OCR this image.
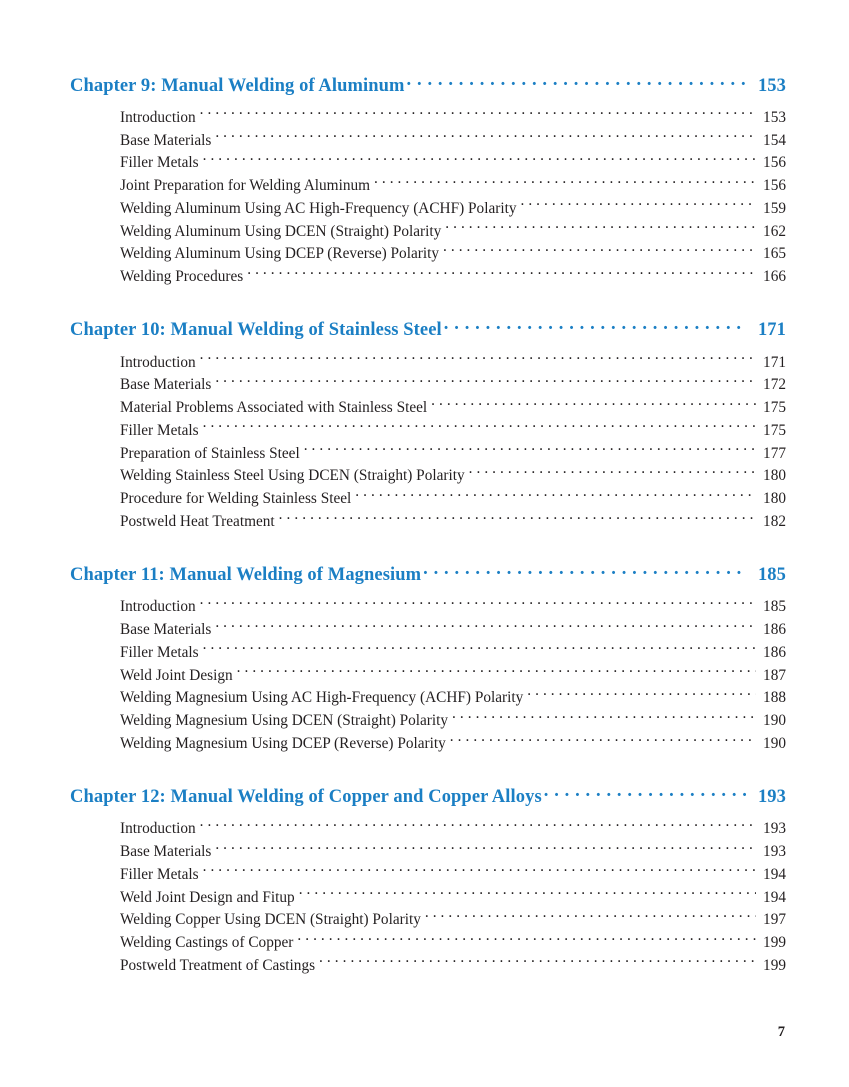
Chapter 9: Manual Welding of Aluminum . . .	153
Introduction . . .	153
Base Materials . . .	154
Filler Metals . . .	156
Joint Preparation for Welding Aluminum . . .	156
Welding Aluminum Using AC High-Frequency (ACHF) Polarity . . .	159
Welding Aluminum Using DCEN (Straight) Polarity . . .	162
Welding Aluminum Using DCEP (Reverse) Polarity . . .	165
Welding Procedures . . .	166
Chapter 10: Manual Welding of Stainless Steel . . .	171
Introduction . . .	171
Base Materials . . .	172
Material Problems Associated with Stainless Steel . . .	175
Filler Metals . . .	175
Preparation of Stainless Steel . . .	177
Welding Stainless Steel Using DCEN (Straight) Polarity . . .	180
Procedure for Welding Stainless Steel . . .	180
Postweld Heat Treatment . . .	182
Chapter 11: Manual Welding of Magnesium . . .	185
Introduction . . .	185
Base Materials . . .	186
Filler Metals . . .	186
Weld Joint Design . . .	187
Welding Magnesium Using AC High-Frequency (ACHF) Polarity . . .	188
Welding Magnesium Using DCEN (Straight) Polarity . . .	190
Welding Magnesium Using DCEP (Reverse) Polarity . . .	190
Chapter 12: Manual Welding of Copper and Copper Alloys . . .	193
Introduction . . .	193
Base Materials . . .	193
Filler Metals . . .	194
Weld Joint Design and Fitup . . .	194
Welding Copper Using DCEN (Straight) Polarity . . .	197
Welding Castings of Copper . . .	199
Postweld Treatment of Castings . . .	199
7
